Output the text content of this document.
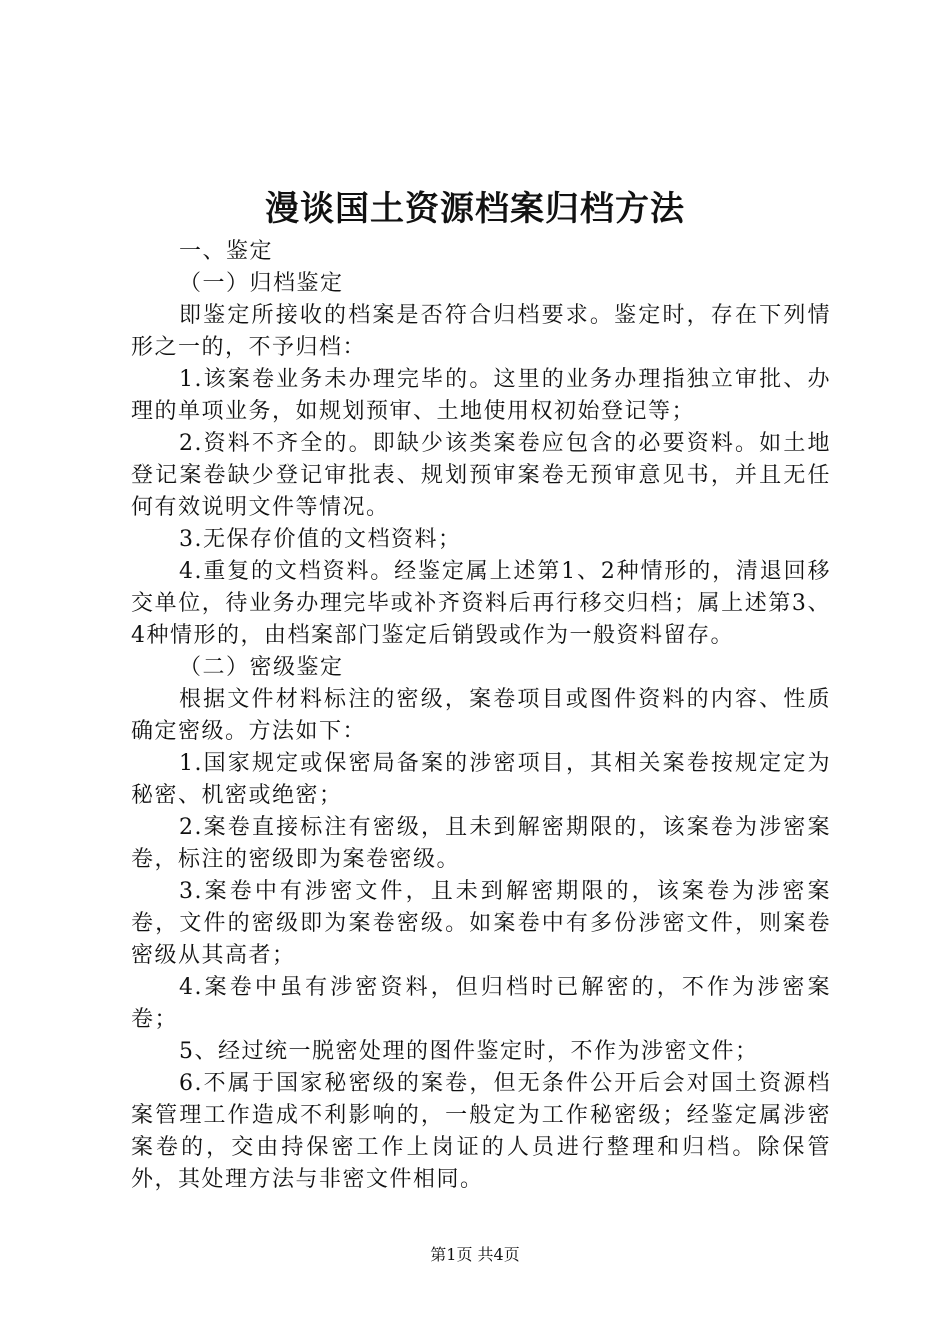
漫谈国土资源档案归档方法

一、鉴定

（一）归档鉴定

即鉴定所接收的档案是否符合归档要求。鉴定时，存在下列情形之一的，不予归档：

1.该案卷业务未办理完毕的。这里的业务办理指独立审批、办理的单项业务，如规划预审、土地使用权初始登记等；

2.资料不齐全的。即缺少该类案卷应包含的必要资料。如土地登记案卷缺少登记审批表、规划预审案卷无预审意见书，并且无任何有效说明文件等情况。

3.无保存价值的文档资料；

4.重复的文档资料。经鉴定属上述第1、2种情形的，清退回移交单位，待业务办理完毕或补齐资料后再行移交归档；属上述第3、4种情形的，由档案部门鉴定后销毁或作为一般资料留存。

（二）密级鉴定

根据文件材料标注的密级，案卷项目或图件资料的内容、性质确定密级。方法如下：

1.国家规定或保密局备案的涉密项目，其相关案卷按规定定为秘密、机密或绝密；

2.案卷直接标注有密级，且未到解密期限的，该案卷为涉密案卷，标注的密级即为案卷密级。

3.案卷中有涉密文件，且未到解密期限的，该案卷为涉密案卷，文件的密级即为案卷密级。如案卷中有多份涉密文件，则案卷密级从其高者；

4.案卷中虽有涉密资料，但归档时已解密的，不作为涉密案卷；

5、经过统一脱密处理的图件鉴定时，不作为涉密文件；

6.不属于国家秘密级的案卷，但无条件公开后会对国土资源档案管理工作造成不利影响的，一般定为工作秘密级；经鉴定属涉密案卷的，交由持保密工作上岗证的人员进行整理和归档。除保管外，其处理方法与非密文件相同。

第1页 共4页
